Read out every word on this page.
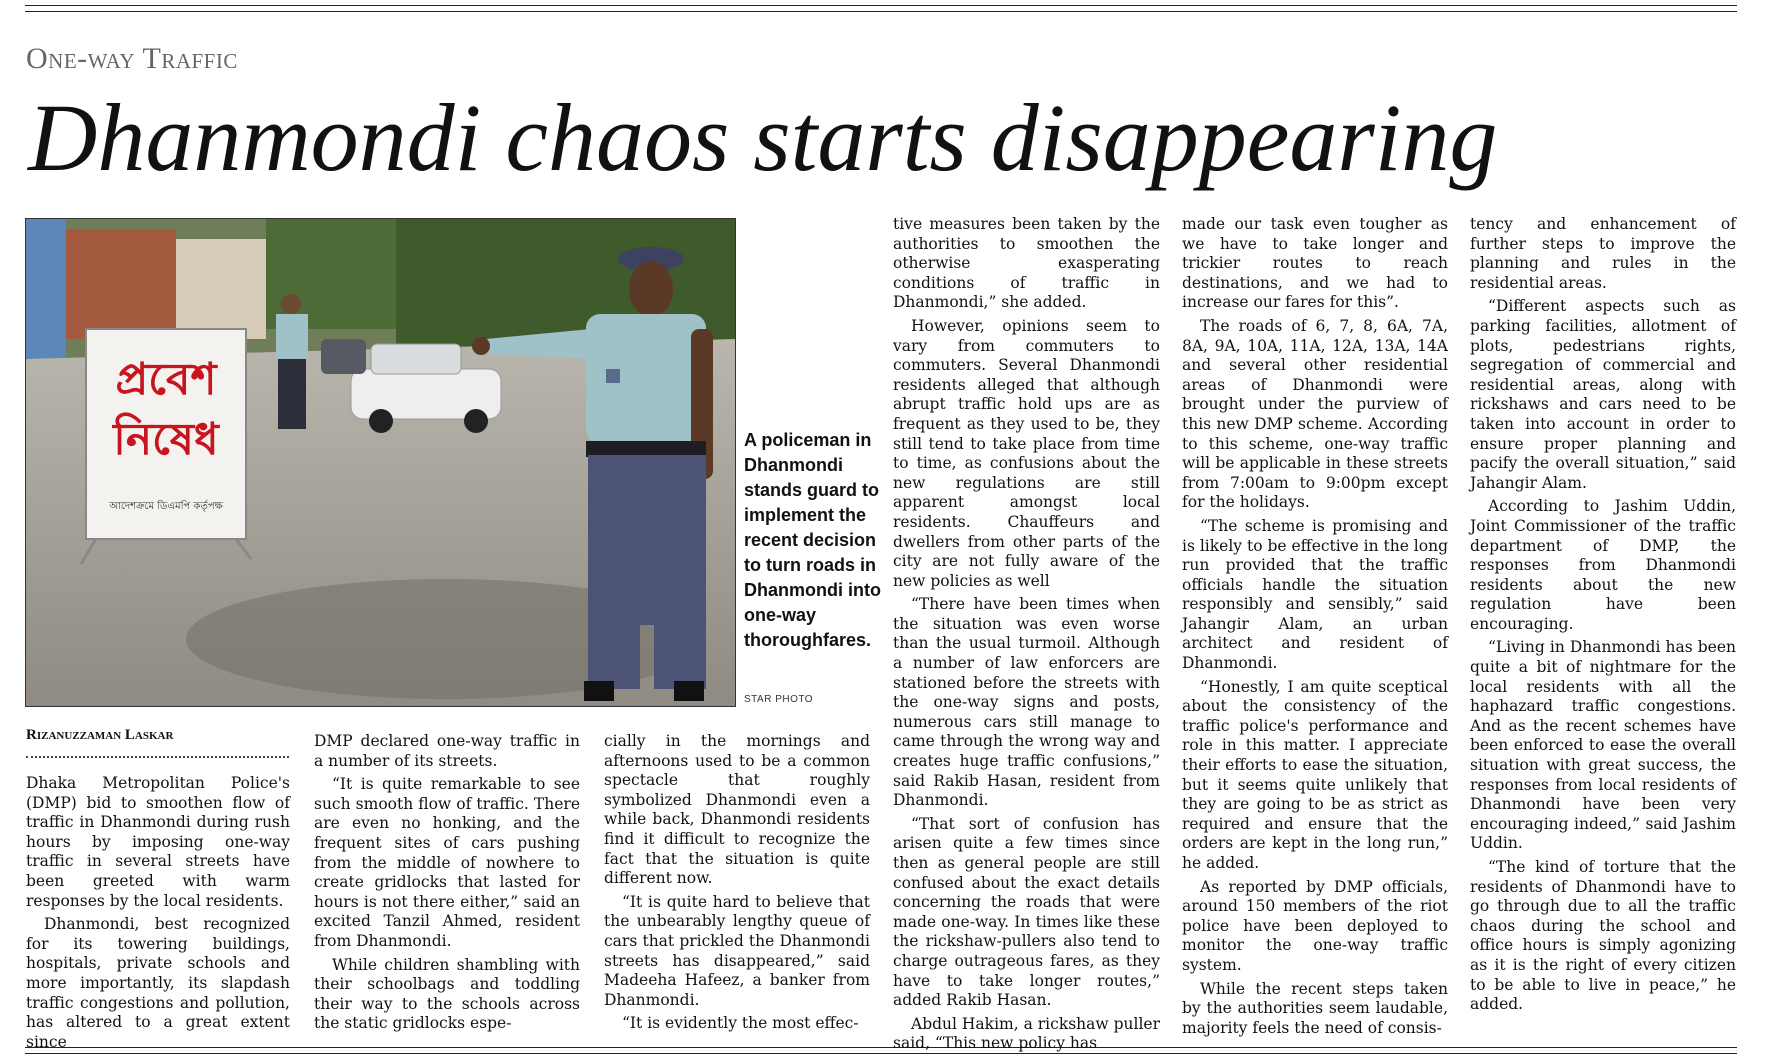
One-way Traffic
Dhanmondi chaos starts disappearing
প্রবেশ
নিষেধ
আদেশক্রমে ডিএমপি কর্তৃপক্ষ
A policeman in Dhanmondi stands guard to implement the recent decision to turn roads in Dhanmondi into one-way thoroughfares.
STAR PHOTO
Rizanuzzaman Laskar

Dhaka Metropolitan Police's (DMP) bid to smoothen flow of traffic in Dhanmondi during rush hours by imposing one-way traffic in several streets have been greeted with warm responses by the local residents.

Dhanmondi, best recognized for its towering buildings, hospitals, private schools and more importantly, its slapdash traffic congestions and pollution, has altered to a great extent since

DMP declared one-way traffic in a number of its streets.

“It is quite remarkable to see such smooth flow of traffic. There are even no honking, and the frequent sites of cars pushing from the middle of nowhere to create gridlocks that lasted for hours is not there either,” said an excited Tanzil Ahmed, resident from Dhanmondi.

While children shambling with their schoolbags and toddling their way to the schools across the static gridlocks espe-

cially in the mornings and afternoons used to be a common spectacle that roughly symbolized Dhanmondi even a while back, Dhanmondi residents find it difficult to recognize the fact that the situation is quite different now.

“It is quite hard to believe that the unbearably lengthy queue of cars that prickled the Dhanmondi streets has disappeared,” said Madeeha Hafeez, a banker from Dhanmondi.

“It is evidently the most effec-

tive measures been taken by the authorities to smoothen the otherwise exasperating conditions of traffic in Dhanmondi,” she added.

However, opinions seem to vary from commuters to commuters. Several Dhanmondi residents alleged that although abrupt traffic hold ups are as frequent as they used to be, they still tend to take place from time to time, as confusions about the new regulations are still apparent amongst local residents. Chauffeurs and dwellers from other parts of the city are not fully aware of the new policies as well

“There have been times when the situation was even worse than the usual turmoil. Although a number of law enforcers are stationed before the streets with the one-way signs and posts, numerous cars still manage to came through the wrong way and creates huge traffic confusions,” said Rakib Hasan, resident from Dhanmondi.

“That sort of confusion has arisen quite a few times since then as general people are still confused about the exact details concerning the roads that were made one-way. In times like these the rickshaw-pullers also tend to charge outrageous fares, as they have to take longer routes,” added Rakib Hasan.

Abdul Hakim, a rickshaw puller said, “This new policy has

made our task even tougher as we have to take longer and trickier routes to reach destinations, and we had to increase our fares for this”.

The roads of 6, 7, 8, 6A, 7A, 8A, 9A, 10A, 11A, 12A, 13A, 14A and several other residential areas of Dhanmondi were brought under the purview of this new DMP scheme. According to this scheme, one-way traffic will be applicable in these streets from 7:00am to 9:00pm except for the holidays.

“The scheme is promising and is likely to be effective in the long run provided that the traffic officials handle the situation responsibly and sensibly,” said Jahangir Alam, an urban architect and resident of Dhanmondi.

“Honestly, I am quite sceptical about the consistency of the traffic police's performance and role in this matter. I appreciate their efforts to ease the situation, but it seems quite unlikely that they are going to be as strict as required and ensure that the orders are kept in the long run,” he added.

As reported by DMP officials, around 150 members of the riot police have been deployed to monitor the one-way traffic system.

While the recent steps taken by the authorities seem laudable, majority feels the need of consis-

tency and enhancement of further steps to improve the planning and rules in the residential areas.

“Different aspects such as parking facilities, allotment of plots, pedestrians rights, segregation of commercial and residential areas, along with rickshaws and cars need to be taken into account in order to ensure proper planning and pacify the overall situation,” said Jahangir Alam.

According to Jashim Uddin, Joint Commissioner of the traffic department of DMP, the responses from Dhanmondi residents about the new regulation have been encouraging.

“Living in Dhanmondi has been quite a bit of nightmare for the local residents with all the haphazard traffic congestions. And as the recent schemes have been enforced to ease the overall situation with great success, the responses from local residents of Dhanmondi have been very encouraging indeed,” said Jashim Uddin.

“The kind of torture that the residents of Dhanmondi have to go through due to all the traffic chaos during the school and office hours is simply agonizing as it is the right of every citizen to be able to live in peace,” he added.
